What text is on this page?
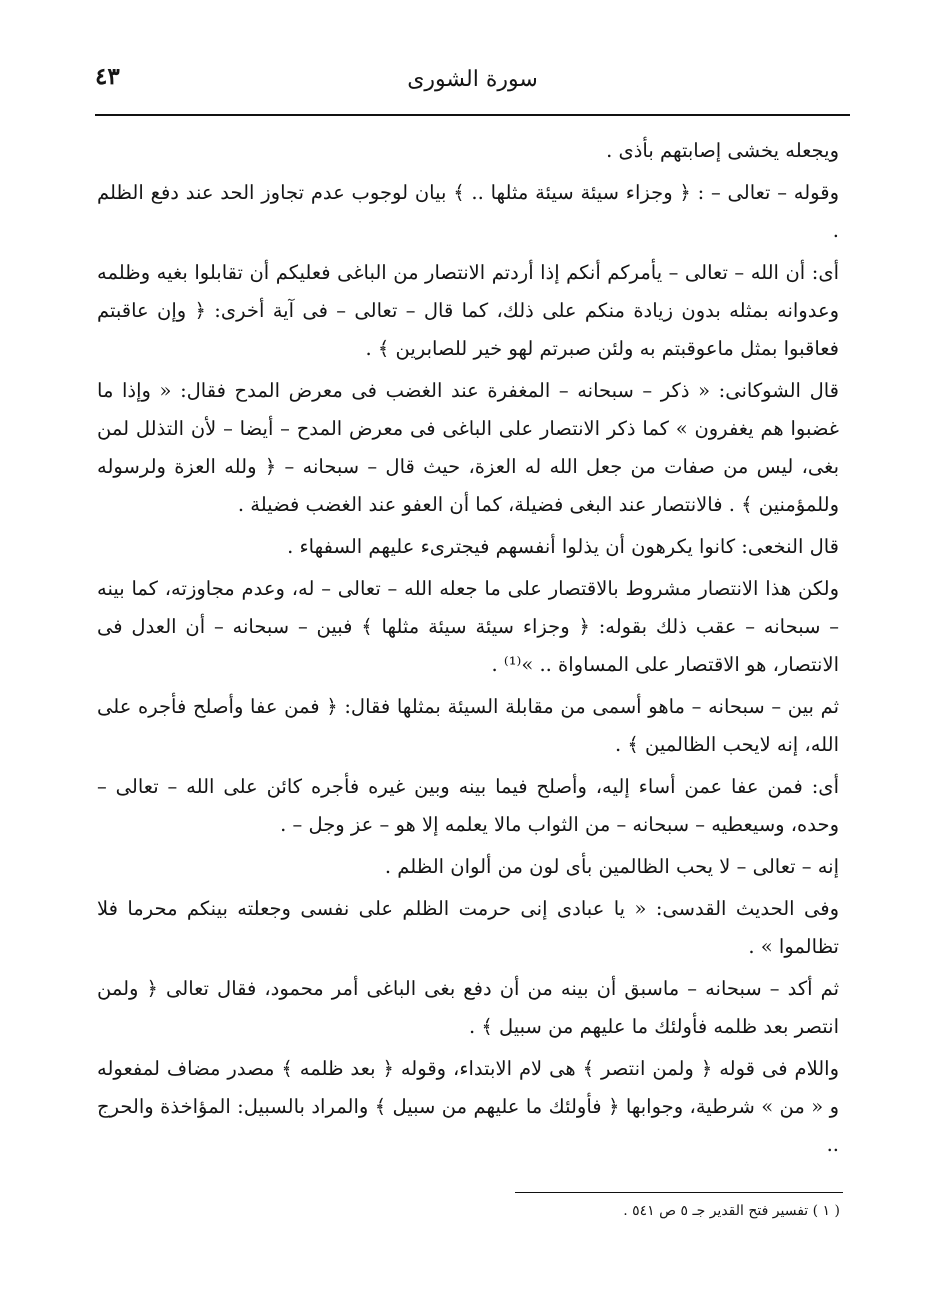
٤٣	سورة الشورى

ويجعله يخشى إصابتهم بأذى .

وقوله – تعالى – : ﴿ وجزاء سيئة سيئة مثلها .. ﴾ بيان لوجوب عدم تجاوز الحد عند دفع الظلم .

أى: أن الله – تعالى – يأمركم أنكم إذا أردتم الانتصار من الباغى فعليكم أن تقابلوا بغيه وظلمه وعدوانه بمثله بدون زيادة منكم على ذلك، كما قال – تعالى – فى آية أخرى: ﴿ وإن عاقبتم فعاقبوا بمثل ماعوقبتم به ولئن صبرتم لهو خير للصابرين ﴾ .

قال الشوكانى: « ذكر – سبحانه – المغفرة عند الغضب فى معرض المدح فقال: « وإذا ما غضبوا هم يغفرون » كما ذكر الانتصار على الباغى فى معرض المدح – أيضا – لأن التذلل لمن بغى، ليس من صفات من جعل الله له العزة، حيث قال – سبحانه – ﴿ ولله العزة ولرسوله وللمؤمنين ﴾ . فالانتصار عند البغى فضيلة، كما أن العفو عند الغضب فضيلة .

قال النخعى: كانوا يكرهون أن يذلوا أنفسهم فيجترىء عليهم السفهاء .

ولكن هذا الانتصار مشروط بالاقتصار على ما جعله الله – تعالى – له، وعدم مجاوزته، كما بينه – سبحانه – عقب ذلك بقوله: ﴿ وجزاء سيئة سيئة مثلها ﴾ فبين – سبحانه – أن العدل فى الانتصار، هو الاقتصار على المساواة .. »⁽¹⁾ .

ثم بين – سبحانه – ماهو أسمى من مقابلة السيئة بمثلها فقال: ﴿ فمن عفا وأصلح فأجره على الله، إنه لايحب الظالمين ﴾ .

أى: فمن عفا عمن أساء إليه، وأصلح فيما بينه وبين غيره فأجره كائن على الله – تعالى – وحده، وسيعطيه – سبحانه – من الثواب مالا يعلمه إلا هو – عز وجل – .

إنه – تعالى – لا يحب الظالمين بأى لون من ألوان الظلم .

وفى الحديث القدسى: « يا عبادى إنى حرمت الظلم على نفسى وجعلته بينكم محرما فلا تظالموا » .

ثم أكد – سبحانه – ماسبق أن بينه من أن دفع بغى الباغى أمر محمود، فقال تعالى ﴿ ولمن انتصر بعد ظلمه فأولئك ما عليهم من سبيل ﴾ .

واللام فى قوله ﴿ ولمن انتصر ﴾ هى لام الابتداء، وقوله ﴿ بعد ظلمه ﴾ مصدر مضاف لمفعوله و « من » شرطية، وجوابها ﴿ فأولئك ما عليهم من سبيل ﴾ والمراد بالسبيل: المؤاخذة والحرج ..

( ١ ) تفسير فتح القدير جـ ٥ ص ٥٤١ .
